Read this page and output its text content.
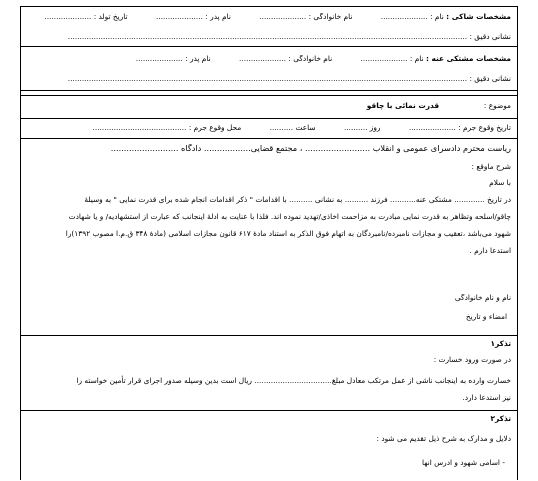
مشخصات شاکی : نام : .................... نام خانوادگی : .................... نام پدر : .................... تاریخ تولد : ....................
نشانی دقیق : ..........................................................................................................................................................................
مشخصات مشتکی عنه : نام : .................... نام خانوادگی : .................... نام پدر : ....................
نشانی دقیق : ..........................................................................................................................................................................
موضوع :  قدرت نمائی با چاقو
تاریخ وقوع جرم : .................... روز .......... ساعت .......... محل وقوع جرم : ........................................
ریاست محترم دادسرای عمومی و انقلاب ......................... ، مجتمع قضایی.................. دادگاه ..........................
شرح ماوقع :
با سلام
در تاریخ ............. مشتکی عنه........... فرزند .......... به نشانی .......... با اقدامات " ذکر اقدامات انجام شده برای قدرت نمایی " به وسیلهٔ
چاقو/اسلحه وتظاهر به قدرت نمایی مبادرت به مزاحمت اخاذی/تهدید نموده اند. فلذا با عنایت به ادلهٔ اینجانب که عبارت از استشهادیه/ و یا شهادت
شهود می‌باشد ،تعقیب و مجازات نامبرده/نامبردگان به اتهام فوق الذکر به استناد مادهٔ ۶۱۷ قانون مجازات اسلامی (مادهٔ ۳۴۸ ق.م.ا مصوب ۱۳۹۲)را
استدعا دارم .
نام و نام خانوادگی
امضاء و تاریخ
تذکر۱
در صورت ورود خسارت :
خسارت وارده به اینجانب ناشی از عمل مرتکب معادل مبلغ................................. ریال است بدین وسیله صدور اجرای قرار تأمین خواسته را
نیز استدعا دارد.
تذکر۲
دلایل و مدارک به شرح ذیل تقدیم می شود :
- اسامی شهود و آدرس آنها
